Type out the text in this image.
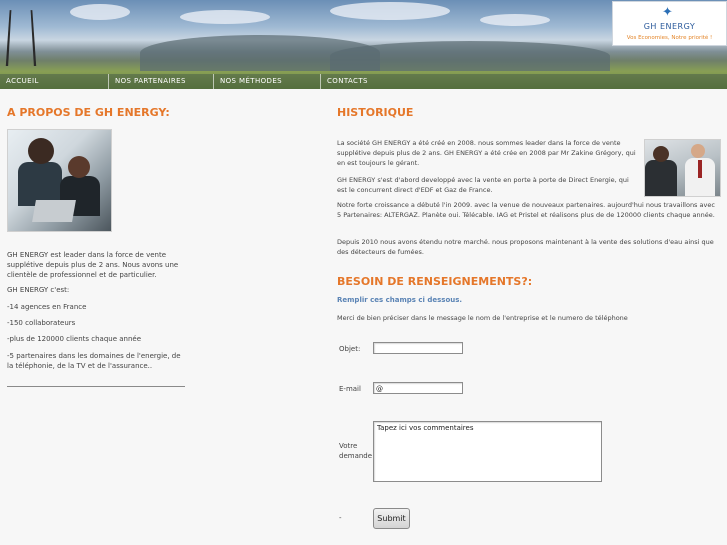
✦
GH ENERGY
Vos Economies, Notre priorité !
ACCUEIL	NOS PARTENAIRES	NOS MÉTHODES	CONTACTS
A PROPOS DE GH ENERGY:
GH ENERGY est leader dans la force de vente supplétive depuis plus de 2 ans. Nous avons une clientèle de professionnel et de particulier.
GH ENERGY c'est:
-14 agences en France
-150 collaborateurs
-plus de 120000 clients chaque année
-5 partenaires dans les domaines de l'energie, de la téléphonie, de la TV et de l'assurance..
HISTORIQUE
La société GH ENERGY a été créé en 2008. nous sommes leader dans la force de vente supplétive depuis plus de 2 ans. GH ENERGY a été crée en 2008 par Mr Zakine Grégory, qui en est toujours le gérant.
GH ENERGY s'est d'abord developpé avec la vente en porte à porte de Direct Energie, qui est le concurrent direct d'EDF et Gaz de France.
Notre forte croissance a débuté l'in 2009. avec la venue de nouveaux partenaires. aujourd'hui nous travaillons avec 5 Partenaires: ALTERGAZ. Planète oui. Télécable. IAG et Pristel et réalisons plus de de 120000 clients chaque année.
Depuis 2010 nous avons étendu notre marché. nous proposons maintenant à la vente des solutions d'eau ainsi que des détecteurs de fumées.
BESOIN DE RENSEIGNEMENTS?:
Remplir ces champs ci dessous.
Merci de bien préciser dans le message le nom de l'entreprise et le numero de téléphone
Objet:
E-mail	@
Votre demande
Tapez ici vos commentaires
-	Submit
